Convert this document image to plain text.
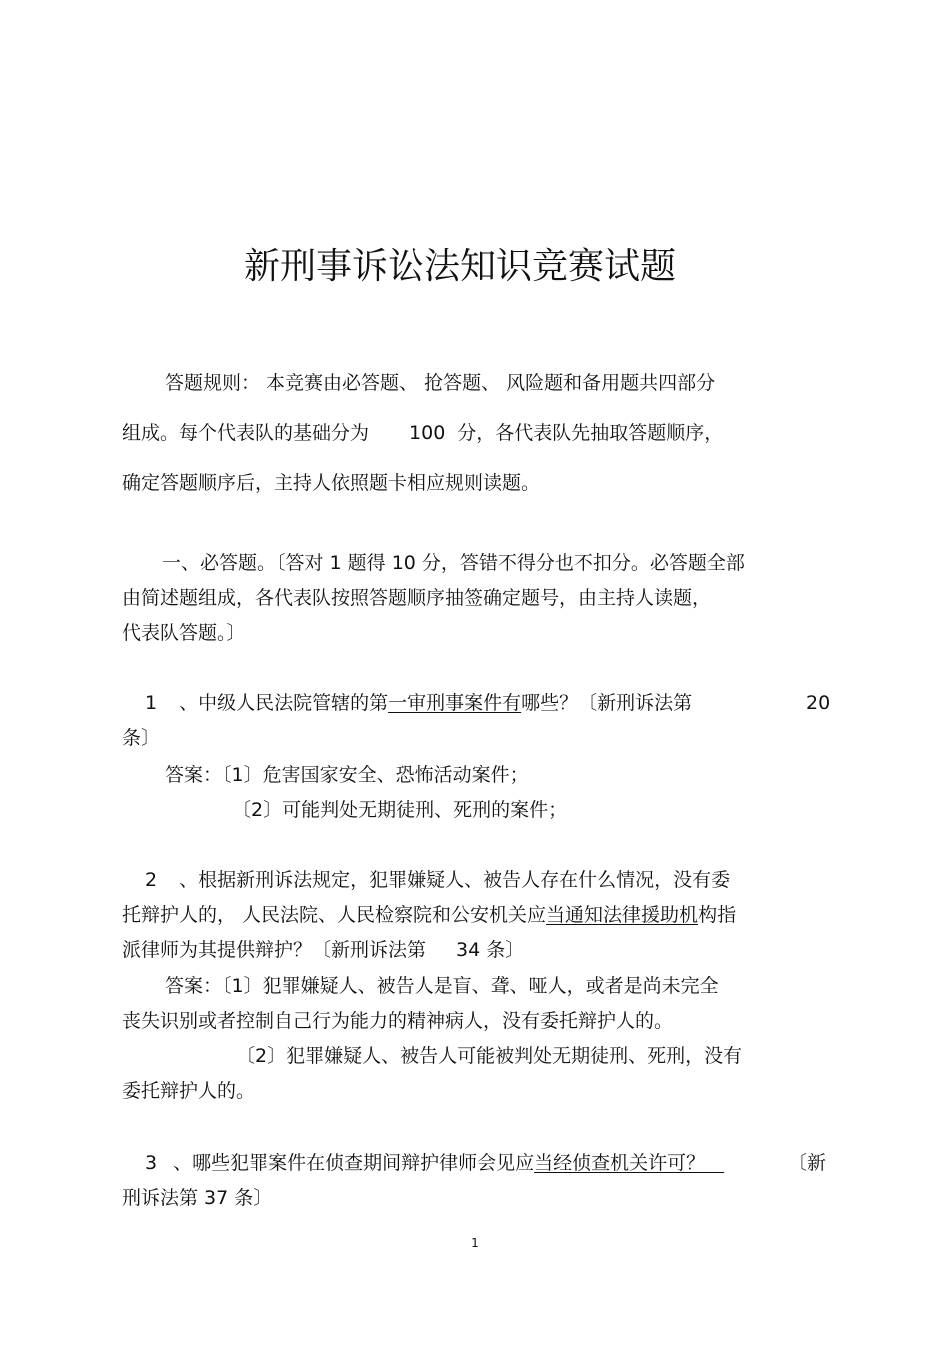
新刑事诉讼法知识竞赛试题
答题规则： 本竞赛由必答题、 抢答题、 风险题和备用题共四部分
组成。每个代表队的基础分为 100 分，各代表队先抽取答题顺序，
确定答题顺序后，主持人依照题卡相应规则读题。
一、必答题。〔答对 1 题得 10 分，答错不得分也不扣分。必答题全部
由简述题组成，各代表队按照答题顺序抽签确定题号，由主持人读题，
代表队答题。〕
1 、中级人民法院管辖的第一审刑事案件有哪些？〔新刑诉法第	20
条〕
答案：〔1〕危害国家安全、恐怖活动案件；
〔2〕可能判处无期徒刑、死刑的案件；
2 、根据新刑诉法规定，犯罪嫌疑人、被告人存在什么情况，没有委
托辩护人的， 人民法院、人民检察院和公安机关应当通知法律援助机构指
派律师为其提供辩护？〔新刑诉法第 34 条〕
答案：〔1〕犯罪嫌疑人、被告人是盲、聋、哑人，或者是尚未完全
丧失识别或者控制自己行为能力的精神病人，没有委托辩护人的。
〔2〕犯罪嫌疑人、被告人可能被判处无期徒刑、死刑，没有
委托辩护人的。
3 、哪些犯罪案件在侦查期间辩护律师会见应当经侦查机关许可？　	〔新
刑诉法第 37 条〕
1
